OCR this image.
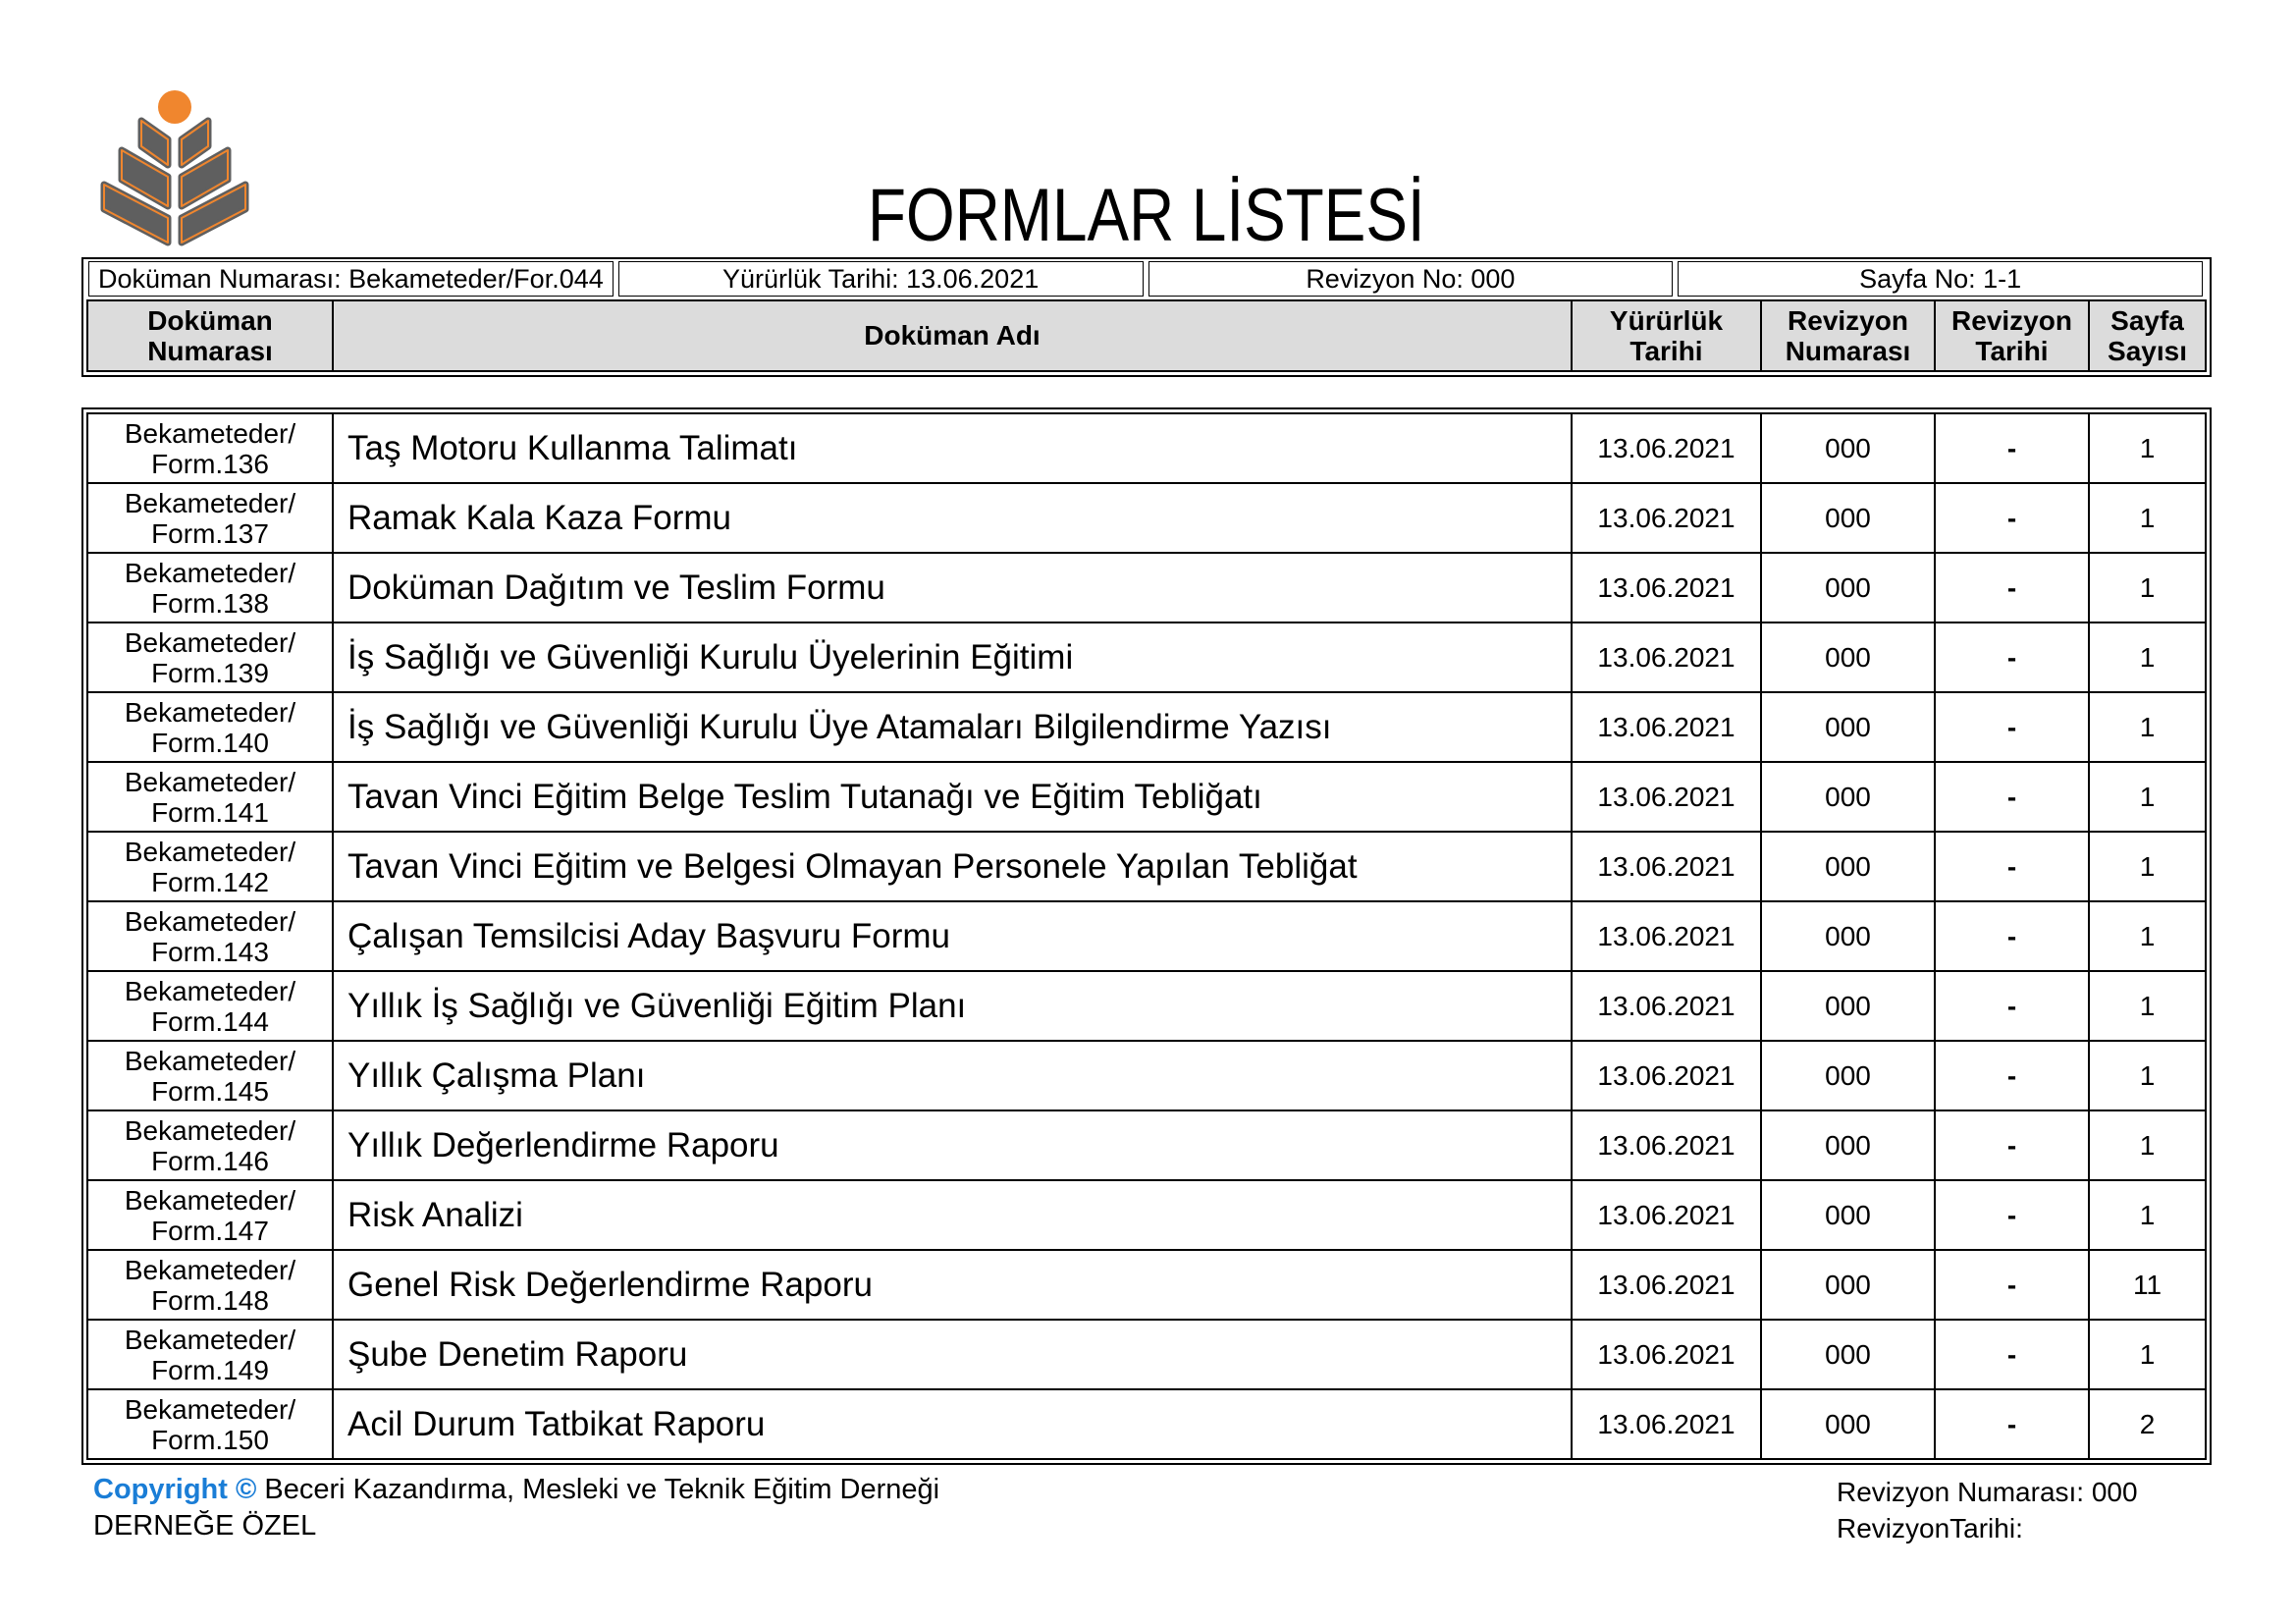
FORMLAR LİSTESİ
Doküman Numarası: Bekameteder/For.044	Yürürlük Tarihi: 13.06.2021	Revizyon No: 000	Sayfa No: 1-1
Doküman Numarası	Doküman Adı	Yürürlük Tarihi	Revizyon Numarası	Revizyon Tarihi	Sayfa Sayısı
Bekameteder/
Form.136	Taş Motoru Kullanma Talimatı	13.06.2021	000	-	1

Bekameteder/
Form.137	Ramak Kala Kaza Formu	13.06.2021	000	-	1

Bekameteder/
Form.138	Doküman Dağıtım ve Teslim Formu	13.06.2021	000	-	1

Bekameteder/
Form.139	İş Sağlığı ve Güvenliği Kurulu Üyelerinin Eğitimi	13.06.2021	000	-	1

Bekameteder/
Form.140	İş Sağlığı ve Güvenliği Kurulu Üye Atamaları Bilgilendirme Yazısı	13.06.2021	000	-	1

Bekameteder/
Form.141	Tavan Vinci Eğitim Belge Teslim Tutanağı ve Eğitim Tebliğatı	13.06.2021	000	-	1

Bekameteder/
Form.142	Tavan Vinci Eğitim ve Belgesi Olmayan Personele Yapılan Tebliğat	13.06.2021	000	-	1

Bekameteder/
Form.143	Çalışan Temsilcisi Aday Başvuru Formu	13.06.2021	000	-	1

Bekameteder/
Form.144	Yıllık İş Sağlığı ve Güvenliği Eğitim Planı	13.06.2021	000	-	1

Bekameteder/
Form.145	Yıllık Çalışma Planı	13.06.2021	000	-	1

Bekameteder/
Form.146	Yıllık Değerlendirme Raporu	13.06.2021	000	-	1

Bekameteder/
Form.147	Risk Analizi	13.06.2021	000	-	1

Bekameteder/
Form.148	Genel Risk Değerlendirme Raporu	13.06.2021	000	-	11

Bekameteder/
Form.149	Şube Denetim Raporu	13.06.2021	000	-	1

Bekameteder/
Form.150	Acil Durum Tatbikat Raporu	13.06.2021	000	-	2
Copyright © Beceri Kazandırma, Mesleki ve Teknik Eğitim Derneği
DERNEĞE ÖZEL
Revizyon Numarası: 000
RevizyonTarihi:
